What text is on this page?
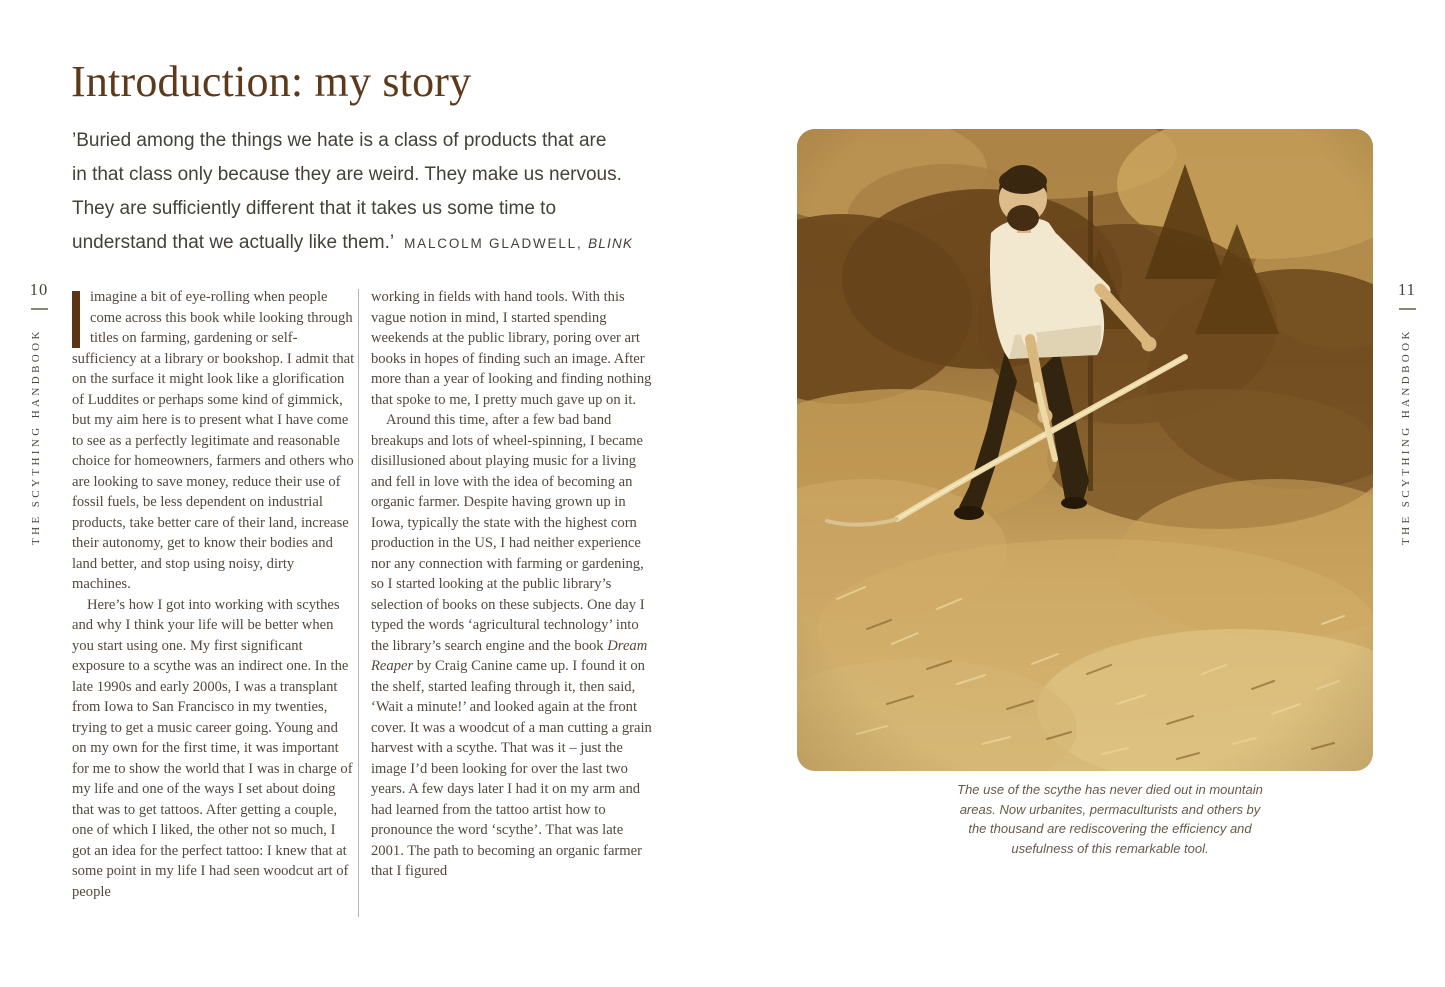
10
THE SCYTHING HANDBOOK
Introduction: my story
’Buried among the things we hate is a class of products that are
in that class only because they are weird. They make us nervous.
They are sufficiently different that it takes us some time to
understand that we actually like them.’ MALCOLM GLADWELL, BLINK

imagine a bit of eye-rolling when people come across this book while looking through titles on farming, gardening or self-sufficiency at a library or bookshop. I admit that on the surface it might look like a glorification of Luddites or perhaps some kind of gimmick, but my aim here is to present what I have come to see as a perfectly legitimate and reasonable choice for homeowners, farmers and others who are looking to save money, reduce their use of fossil fuels, be less dependent on industrial products, take better care of their land, increase their autonomy, get to know their bodies and land better, and stop using noisy, dirty machines.

Here’s how I got into working with scythes and why I think your life will be better when you start using one. My first significant exposure to a scythe was an indirect one. In the late 1990s and early 2000s, I was a transplant from Iowa to San Francisco in my twenties, trying to get a music career going. Young and on my own for the first time, it was important for me to show the world that I was in charge of my life and one of the ways I set about doing that was to get tattoos. After getting a couple, one of which I liked, the other not so much, I got an idea for the perfect tattoo: I knew that at some point in my life I had seen woodcut art of people

working in fields with hand tools. With this vague notion in mind, I started spending weekends at the public library, poring over art books in hopes of finding such an image. After more than a year of looking and finding nothing that spoke to me, I pretty much gave up on it.

Around this time, after a few bad band breakups and lots of wheel-spinning, I became disillusioned about playing music for a living and fell in love with the idea of becoming an organic farmer. Despite having grown up in Iowa, typically the state with the highest corn production in the US, I had neither experience nor any connection with farming or gardening, so I started looking at the public library’s selection of books on these subjects. One day I typed the words ‘agricultural technology’ into the library’s search engine and the book Dream Reaper by Craig Canine came up. I found it on the shelf, started leafing through it, then said, ‘Wait a minute!’ and looked again at the front cover. It was a woodcut of a man cutting a grain harvest with a scythe. That was it – just the image I’d been looking for over the last two years. A few days later I had it on my arm and had learned from the tattoo artist how to pronounce the word ‘scythe’. That was late 2001. The path to becoming an organic farmer that I figured

The use of the scythe has never died out in mountain
areas. Now urbanites, permaculturists and others by
the thousand are rediscovering the efficiency and
usefulness of this remarkable tool.
11
THE SCYTHING HANDBOOK
